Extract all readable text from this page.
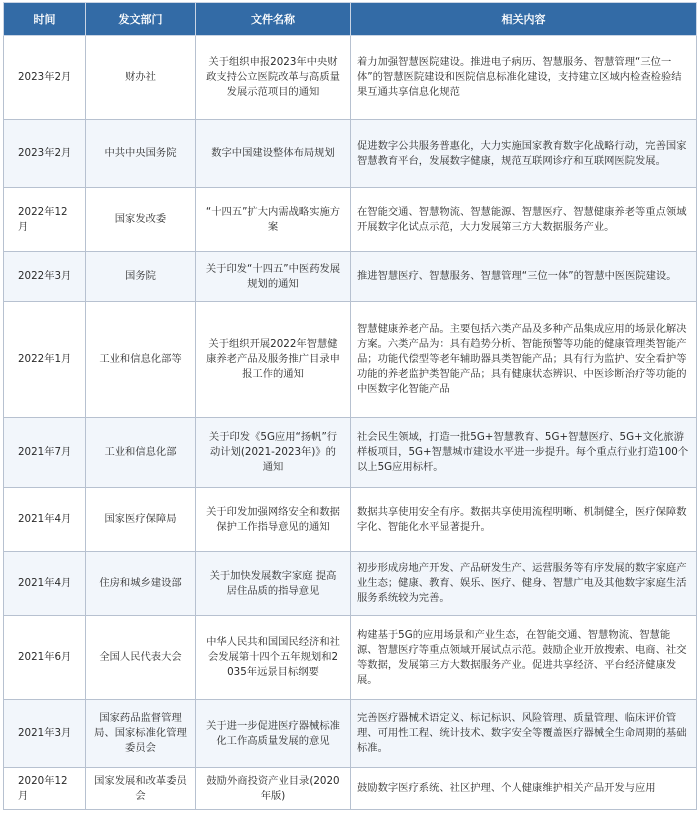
时间	发文部门	文件名称	相关内容
2023年2月	财办社	关于组织申报2023年中央财政支持公立医院改革与高质量发展示范项目的通知	着力加强智慧医院建设。推进电子病历、智慧服务、智慧管理“三位一体”的智慧医院建设和医院信息标准化建设，支持建立区域内检查检验结果互通共享信息化规范
2023年2月	中共中央国务院	数字中国建设整体布局规划	促进数字公共服务普惠化，大力实施国家教育数字化战略行动，完善国家智慧教育平台，发展数字健康，规范互联网诊疗和互联网医院发展。
2022年12月	国家发改委	“十四五”扩大内需战略实施方案	在智能交通、智慧物流、智慧能源、智慧医疗、智慧健康养老等重点领域开展数字化试点示范，大力发展第三方大数据服务产业。
2022年3月	国务院	关于印发“十四五”中医药发展规划的通知	推进智慧医疗、智慧服务、智慧管理“三位一体”的智慧中医医院建设。
2022年1月	工业和信息化部等	关于组织开展2022年智慧健康养老产品及服务推广目录申报工作的通知	智慧健康养老产品。主要包括六类产品及多种产品集成应用的场景化解决方案。六类产品为：具有趋势分析、智能预警等功能的健康管理类智能产品；功能代偿型等老年辅助器具类智能产品；具有行为监护、安全看护等功能的养老监护类智能产品；具有健康状态辨识、中医诊断治疗等功能的中医数字化智能产品
2021年7月	工业和信息化部	关于印发《5G应用“扬帆”行动计划(2021-2023年)》的通知	社会民生领域，打造一批5G+智慧教育、5G+智慧医疗、5G+文化旅游样板项目，5G+智慧城市建设水平进一步提升。每个重点行业打造100个以上5G应用标杆。
2021年4月	国家医疗保障局	关于印发加强网络安全和数据保护工作指导意见的通知	数据共享使用安全有序。数据共享使用流程明晰、机制健全，医疗保障数字化、智能化水平显著提升。
2021年4月	住房和城乡建设部	关于加快发展数字家庭 提高居住品质的指导意见	初步形成房地产开发、产品研发生产、运营服务等有序发展的数字家庭产业生态；健康、教育、娱乐、医疗、健身、智慧广电及其他数字家庭生活服务系统较为完善。
2021年6月	全国人民代表大会	中华人民共和国国民经济和社会发展第十四个五年规划和2035年远景目标纲要	构建基于5G的应用场景和产业生态，在智能交通、智慧物流、智慧能源、智慧医疗等重点领域开展试点示范。鼓励企业开放搜索、电商、社交等数据，发展第三方大数据服务产业。促进共享经济、平台经济健康发展。
2021年3月	国家药品监督管理局、国家标准化管理委员会	关于进一步促进医疗器械标准化工作高质量发展的意见	完善医疗器械术语定义、标记标识、风险管理、质量管理、临床评价管理、可用性工程、统计技术、数字安全等覆盖医疗器械全生命周期的基础标准。
2020年12月	国家发展和改革委员会	鼓励外商投资产业目录(2020年版)	鼓励数字医疗系统、社区护理、个人健康维护相关产品开发与应用
